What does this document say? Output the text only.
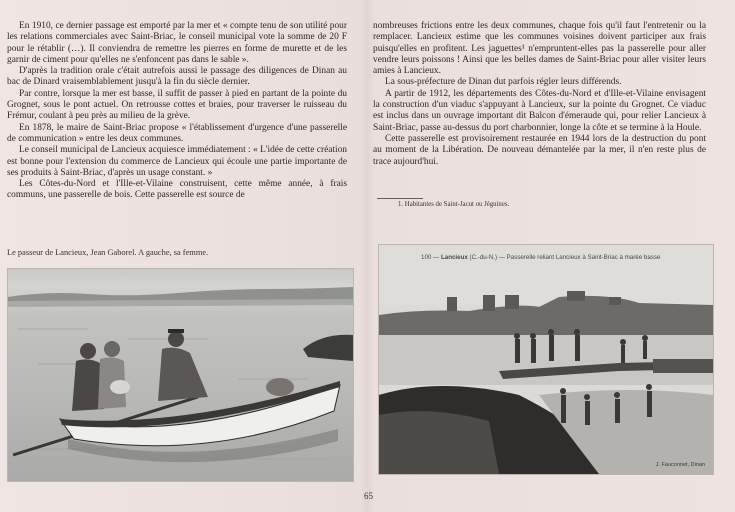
En 1910, ce dernier passage est emporté par la mer et « compte tenu de son utilité pour les relations commerciales avec Saint-Briac, le conseil municipal vote la somme de 20 F pour le rétablir (…). Il conviendra de remettre les pierres en forme de murette et de les garnir de ciment pour qu'elles ne s'enfoncent pas dans le sable ».

D'après la tradition orale c'était autrefois aussi le passage des diligences de Dinan au bac de Dinard vraisemblablement jusqu'à la fin du siècle dernier.

Par contre, lorsque la mer est basse, il suffit de passer à pied en partant de la pointe du Grognet, sous le pont actuel. On retrousse cottes et braies, pour traverser le ruisseau du Frémur, coulant à peu près au milieu de la grève.

En 1878, le maire de Saint-Briac propose « l'établissement d'urgence d'une passerelle de communication » entre les deux communes.

Le conseil municipal de Lancieux acquiesce immédiatement : « L'idée de cette création est bonne pour l'extension du commerce de Lancieux qui écoule une partie importante de ses produits à Saint-Briac, d'après un usage constant. »

Les Côtes-du-Nord et l'Ille-et-Vilaine construisent, cette même année, à frais communs, une passerelle de bois. Cette passerelle est source de

nombreuses frictions entre les deux communes, chaque fois qu'il faut l'entretenir ou la remplacer. Lancieux estime que les communes voisines doivent participer aux frais puisqu'elles en profitent. Les jaguettes¹ n'empruntent-elles pas la passerelle pour aller vendre leurs poissons ! Ainsi que les belles dames de Saint-Briac pour aller visiter leurs amies à Lancieux.

La sous-préfecture de Dinan dut parfois régler leurs différends.

A partir de 1912, les départements des Côtes-du-Nord et d'Ille-et-Vilaine envisagent la construction d'un viaduc s'appuyant à Lancieux, sur la pointe du Grognet. Ce viaduc est inclus dans un ouvrage important dit Balcon d'émeraude qui, pour relier Lancieux à Saint-Briac, passe au-dessus du port charbonnier, longe la côte et se termine à la Houle.

Cette passerelle est provisoirement restaurée en 1944 lors de la destruction du pont au moment de la Libération. De nouveau démantelée par la mer, il n'en reste plus de trace aujourd'hui.

1. Habitantes de Saint-Jacut ou Jéguines.
Le passeur de Lancieux, Jean Gaborel. A gauche, sa femme.
100 — Lancieux (C.-du-N.) — Passerelle reliant Lancieux à Saint-Briac à marée basse
J. Fauconnet, Dinan
65
